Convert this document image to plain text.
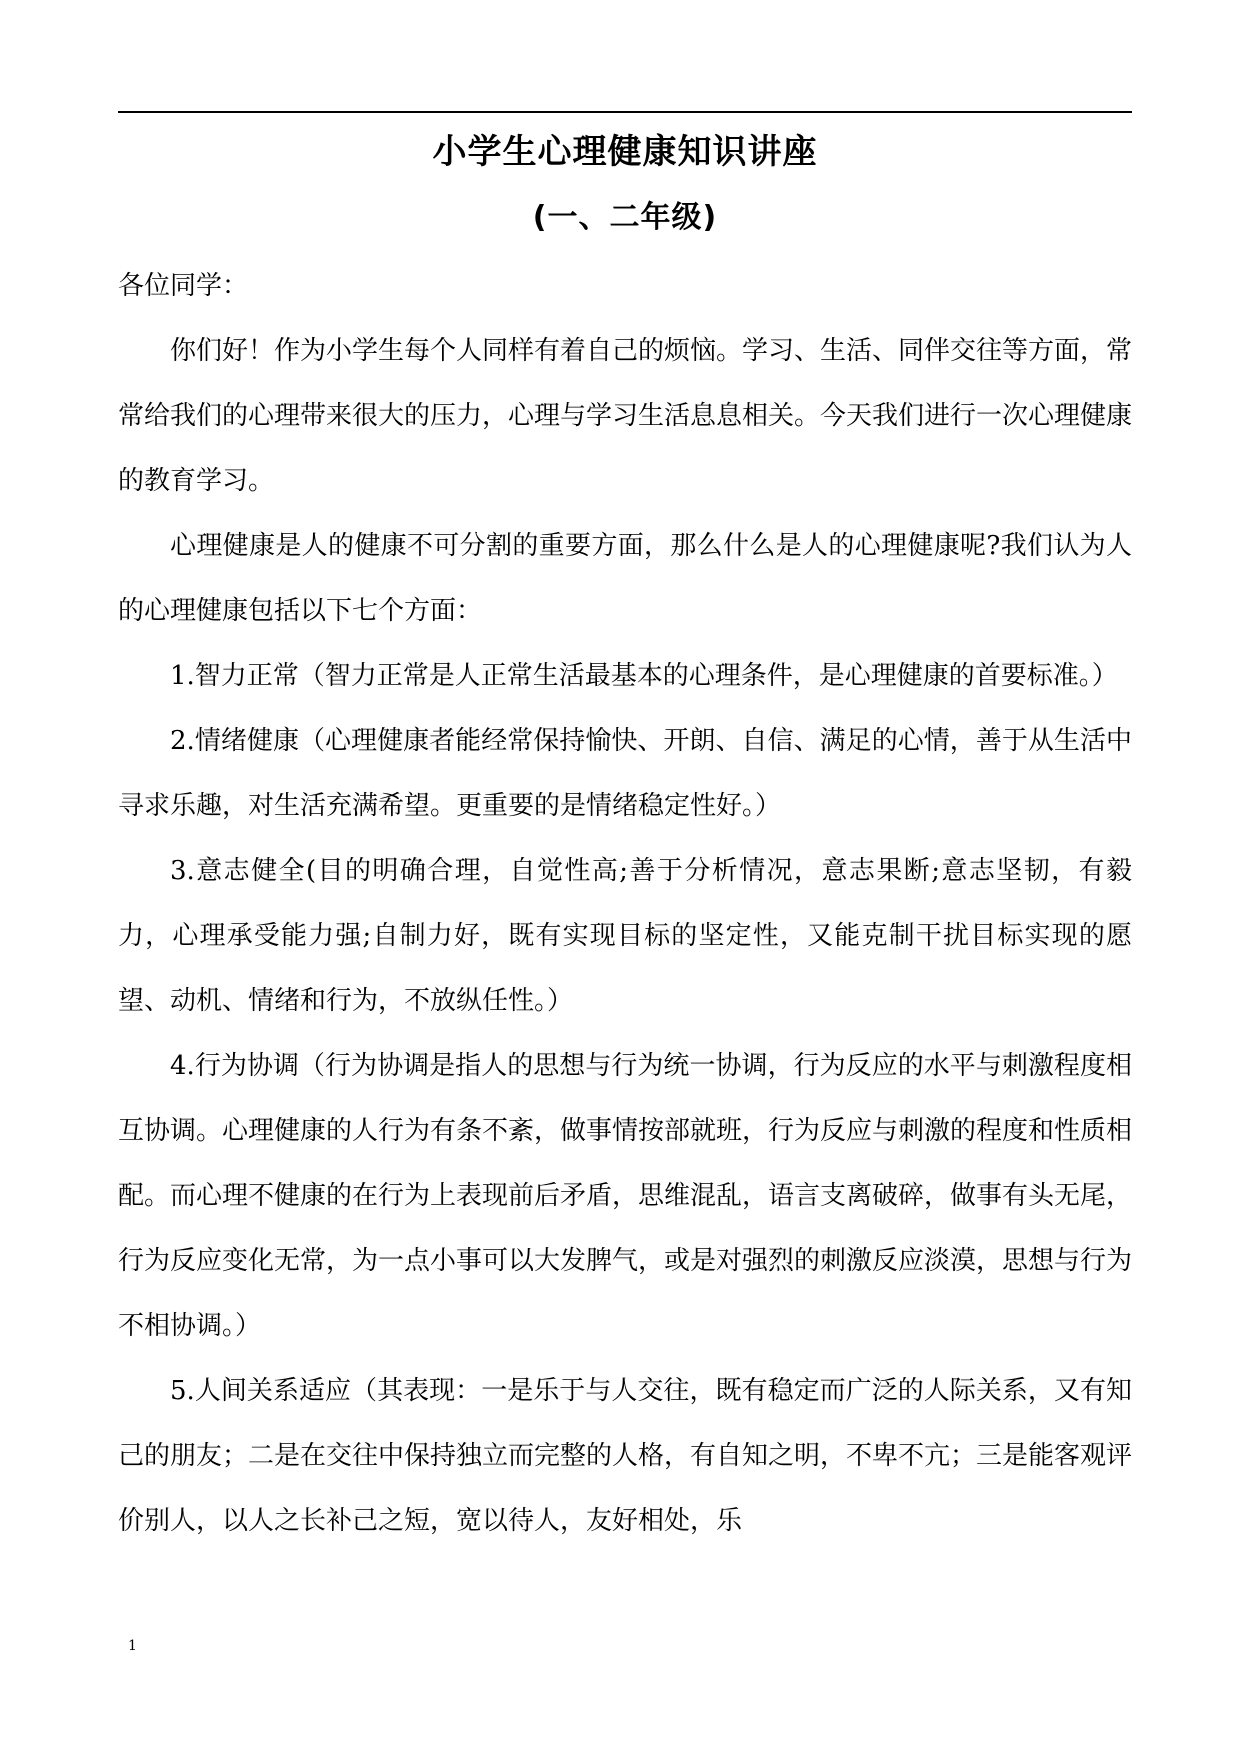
小学生心理健康知识讲座
(一、二年级)

各位同学：

你们好！作为小学生每个人同样有着自己的烦恼。学习、生活、同伴交往等方面，常常给我们的心理带来很大的压力，心理与学习生活息息相关。今天我们进行一次心理健康的教育学习。

心理健康是人的健康不可分割的重要方面，那么什么是人的心理健康呢?我们认为人的心理健康包括以下七个方面：

1.智力正常（智力正常是人正常生活最基本的心理条件，是心理健康的首要标准。）

2.情绪健康（心理健康者能经常保持愉快、开朗、自信、满足的心情，善于从生活中寻求乐趣，对生活充满希望。更重要的是情绪稳定性好。）

3.意志健全(目的明确合理，自觉性高;善于分析情况，意志果断;意志坚韧，有毅力，心理承受能力强;自制力好，既有实现目标的坚定性，又能克制干扰目标实现的愿望、动机、情绪和行为，不放纵任性。）

4.行为协调（行为协调是指人的思想与行为统一协调，行为反应的水平与刺激程度相互协调。心理健康的人行为有条不紊，做事情按部就班，行为反应与刺激的程度和性质相配。而心理不健康的在行为上表现前后矛盾，思维混乱，语言支离破碎，做事有头无尾，行为反应变化无常，为一点小事可以大发脾气，或是对强烈的刺激反应淡漠，思想与行为不相协调。）

5.人间关系适应（其表现：一是乐于与人交往，既有稳定而广泛的人际关系，又有知己的朋友；二是在交往中保持独立而完整的人格，有自知之明，不卑不亢；三是能客观评价别人，以人之长补己之短，宽以待人，友好相处，乐

1
